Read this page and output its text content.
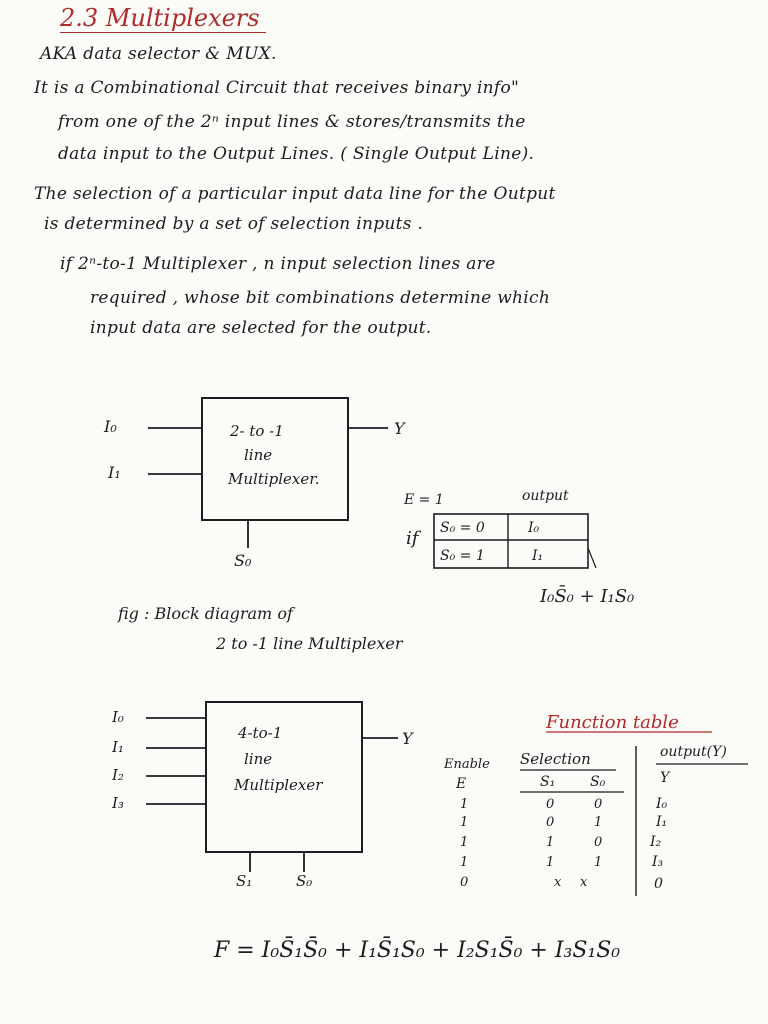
2.3 Multiplexers
AKA data selector & MUX.
It is a Combinational Circuit that receives binary info"
from one of the 2ⁿ input lines & stores/transmits the
data input to the Output Lines. ( Single Output Line).
The selection of a particular input data line for the Output
is determined by a set of selection inputs .
if 2ⁿ-to-1 Multiplexer , n input selection lines are
required , whose bit combinations determine which
input data are selected for the output.
I₀
I₁
2- to -1
line
Multiplexer.
Y
S₀
E = 1	output
if S₀ = 0	I₀
S₀ = 1	I₁
I₀S̄₀ + I₁S₀
I₀
I₁
I₂
I₃
4-to-1
line
Multiplexer
Y
S₁	S₀
Function table
Enable Selection	output(Y)
E	S₁ S₀	Y
1	0	0	I₀
1	0	1	I₁
1	1	0	I₂
1	1	1	I₃
0	x x	0
fig : Block diagram of
2 to -1 line Multiplexer
F = I₀S̄₁S̄₀ + I₁S̄₁S₀ + I₂S₁S̄₀ + I₃S₁S₀
